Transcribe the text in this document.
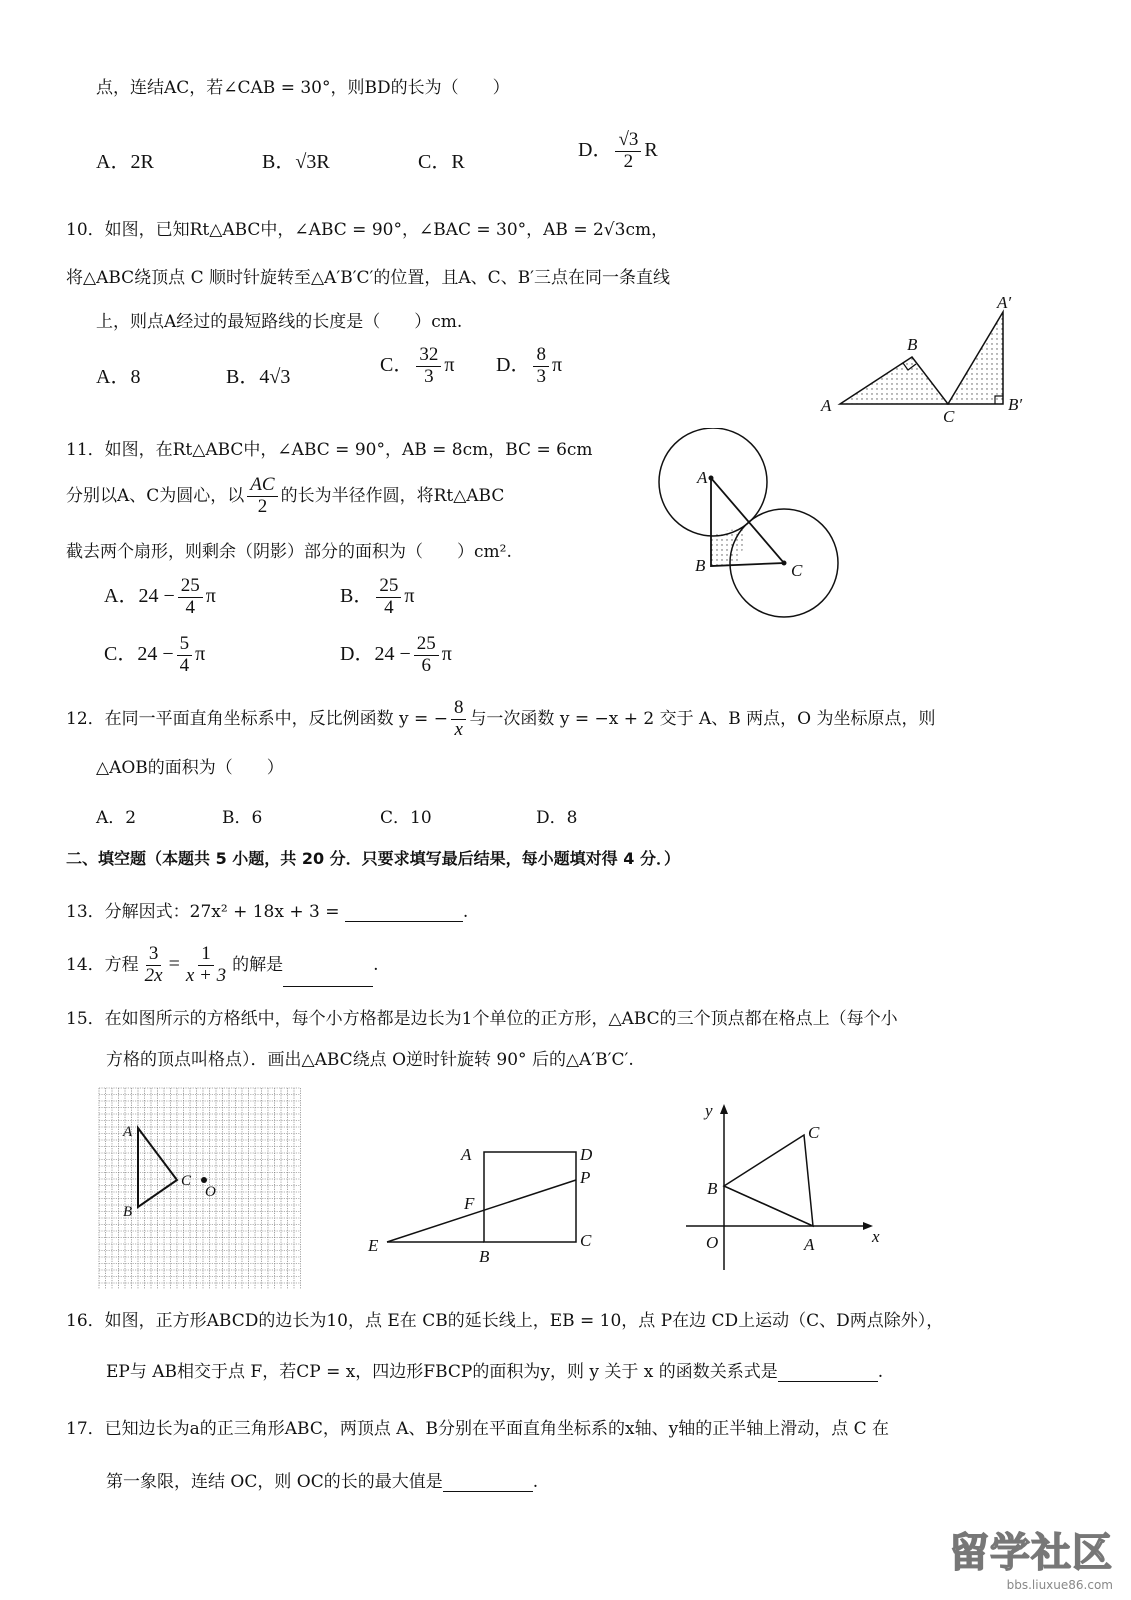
点，连结AC，若∠CAB = 30°，则BD的长为（　　）
A．2R	B．√3R	C．R
D． $\frac{√3}{2}$ R
10．如图，已知Rt△ABC中，∠ABC = 90°，∠BAC = 30°，AB = 2√3cm，
将△ABC绕顶点 C 顺时针旋转至△A′B′C′的位置，且A、C、B′三点在同一条直线
上，则点A经过的最短路线的长度是（　　）cm.
A．8	B．4√3
C． $\frac{32}{3}$ π D． $\frac{8}{3}$ π
A
B
C
A′
B′
11．如图，在Rt△ABC中，∠ABC = 90°，AB = 8cm，BC = 6cm
分别以A、C为圆心，以 $\frac{AC}{2}$ 的长为半径作圆，将Rt△ABC
截去两个扇形，则剩余（阴影）部分的面积为（　　）cm².
A．$24 - \frac{25}{4}$ π	B． $\frac{25}{4}$ π
C．$24 - \frac{5}{4}$ π	D．$24 - \frac{25}{6}$ π
A
B	C
12．在同一平面直角坐标系中，反比例函数 y = − $\frac{8}{x}$ 与一次函数 y = −x + 2 交于 A、B 两点，O 为坐标原点，则
△AOB的面积为（　　）
A．2	B．6	C．10	D．8
二、填空题（本题共 5 小题，共 20 分．只要求填写最后结果，每小题填对得 4 分．）
13．分解因式：27x² + 18x + 3 =	.
14．方程 $\frac{3}{2x} = \frac{1}{x + 3}$ 的解是	.
15．在如图所示的方格纸中，每个小方格都是边长为1个单位的正方形，△ABC的三个顶点都在格点上（每个小
方格的顶点叫格点）．画出△ABC绕点 O逆时针旋转 90° 后的△A′B′C′.
A
B
C
O
A	D
P
F
E
B
C
y
x
O	A
B
C
16．如图，正方形ABCD的边长为10，点 E在 CB的延长线上，EB = 10，点 P在边 CD上运动（C、D两点除外），
EP与 AB相交于点 F，若CP = x，四边形FBCP的面积为y，则 y 关于 x 的函数关系式是	.
17．已知边长为a的正三角形ABC，两顶点 A、B分别在平面直角坐标系的x轴、y轴的正半轴上滑动，点 C 在
第一象限，连结 OC，则 OC的长的最大值是	.
留学社区
bbs.liuxue86.com
